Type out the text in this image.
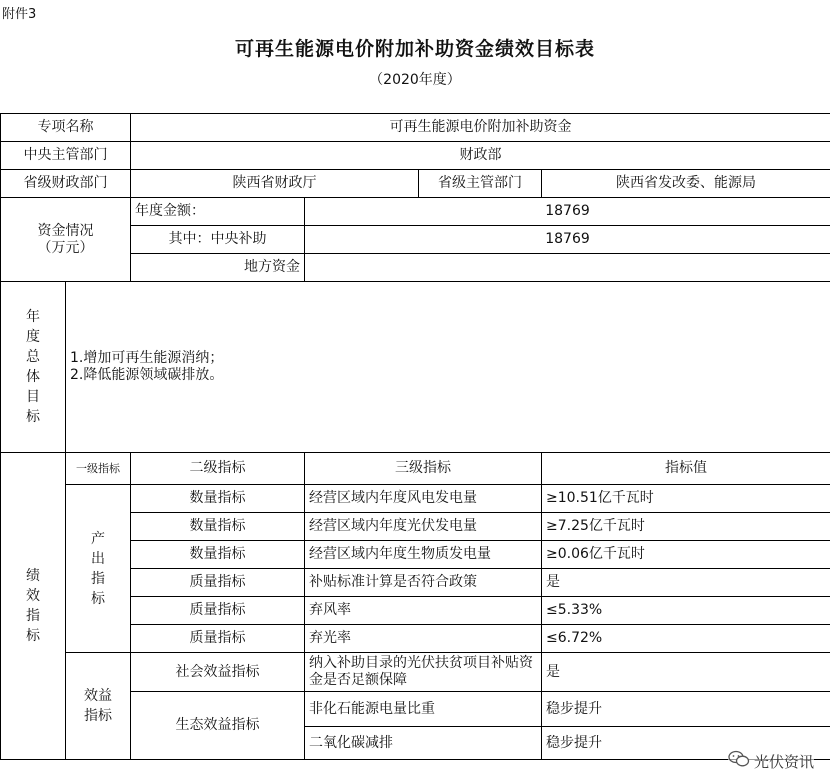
附件3
可再生能源电价附加补助资金绩效目标表
（2020年度）
专项名称		可再生能源电价附加补助资金			
中央主管部门		财政部			
省级财政部门		陕西省财政厅		省级主管部门	陕西省发改委、能源局
资金情况
（万元）		年度金额：	18769		
		其中：中央补助	18769		
		地方资金			

年度总体目标	1.增加可再生能源消纳；
2.降低能源领域碳排放。				

绩效指标	一级指标	二级指标	三级指标		指标值

	产出指标	数量指标	经营区域内年度风电发电量		≥10.51亿千瓦时
		数量指标	经营区域内年度光伏发电量		≥7.25亿千瓦时
		数量指标	经营区域内年度生物质发电量		≥0.06亿千瓦时
		质量指标	补贴标准计算是否符合政策		是
		质量指标	弃风率		≤5.33%
		质量指标	弃光率		≤6.72%

	效益指标	社会效益指标	纳入补助目录的光伏扶贫项目补贴资金是否足额保障		是
		生态效益指标	非化石能源电量比重		稳步提升
			二氧化碳减排		稳步提升
光伏资讯
